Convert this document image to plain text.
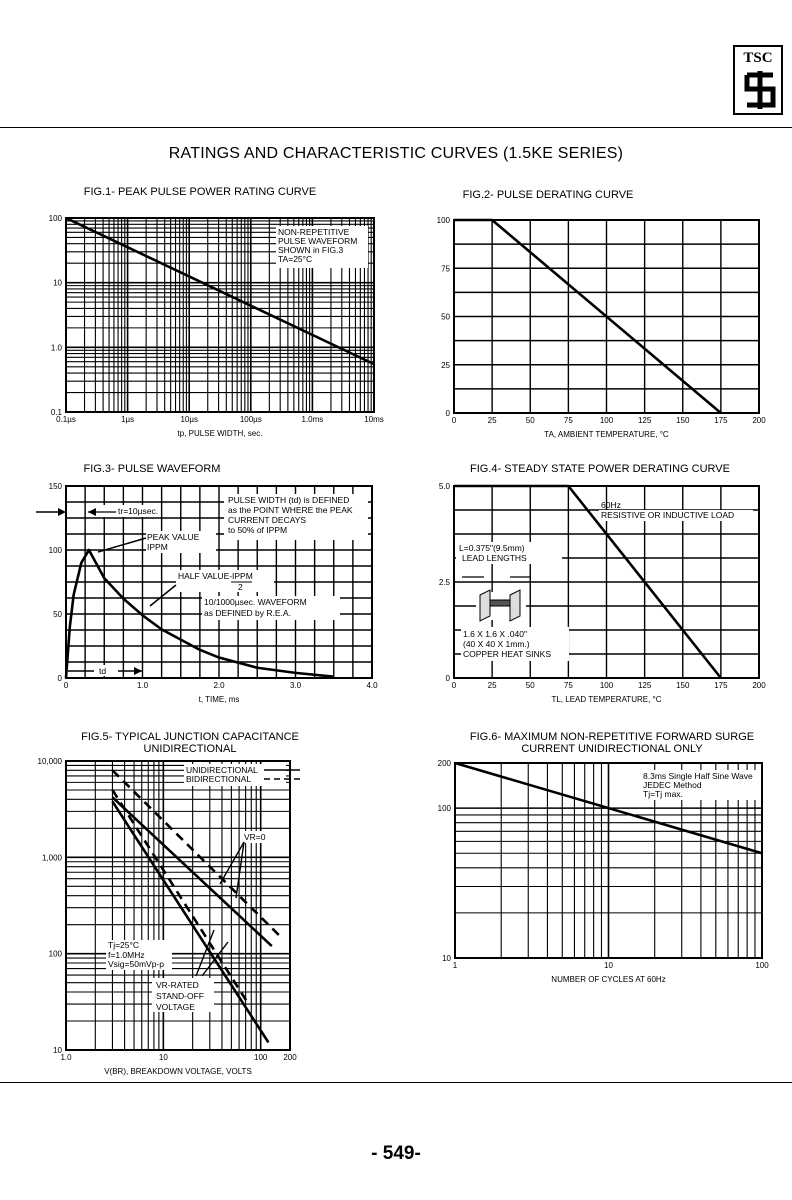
TSC
RATINGS AND CHARACTERISTIC CURVES (1.5KE SERIES)
FIG.1- PEAK PULSE POWER RATING CURVE
0.1µs	1µs	10µs	100µs	1.0ms	10ms
0.1
1.0
10
100
tp, PULSE WIDTH, sec.
NON-REPETITIVE
PULSE WAVEFORM
SHOWN in FIG.3
TA=25°C
FIG.2- PULSE DERATING CURVE
0	25	50	75	100	125	150	175	200
0
25
50
75
100
TA, AMBIENT TEMPERATURE, °C
FIG.3- PULSE WAVEFORM
0	1.0	2.0	3.0	4.0
0
50
100
150
t, TIME, ms
PULSE WIDTH (td) is DEFINED
as the POINT WHERE the PEAK
CURRENT DECAYS
to 50% of IPPM
tr=10µsec.
PEAK VALUE
IPPM
HALF VALUE- IPPM
2
10/1000µsec. WAVEFORM
as DEFINED by R.E.A.
td
FIG.4- STEADY STATE POWER DERATING CURVE
0	25	50	75	100	125	150	175	200
0
2.5
5.0
TL, LEAD TEMPERATURE, °C
60Hz
RESISTIVE OR INDUCTIVE LOAD
L=0.375"(9.5mm)
LEAD LENGTHS
1.6 X 1.6 X .040"
(40 X 40 X 1mm.)
COPPER HEAT SINKS
FIG.5- TYPICAL JUNCTION CAPACITANCE
UNIDIRECTIONAL
1.0	10	100 200
10
100
1,000
10,000
V(BR), BREAKDOWN VOLTAGE, VOLTS
UNIDIRECTIONAL
BIDIRECTIONAL
VR=0
Tj=25°C
f=1.0MHz
Vsig=50mVp-p
VR-RATED
STAND-OFF
VOLTAGE
FIG.6- MAXIMUM NON-REPETITIVE FORWARD SURGE
CURRENT UNIDIRECTIONAL ONLY
1	10	100
10
100
200
NUMBER OF CYCLES AT 60Hz
8.3ms Single Half Sine Wave
JEDEC Method
Tj=Tj max.
- 549-
